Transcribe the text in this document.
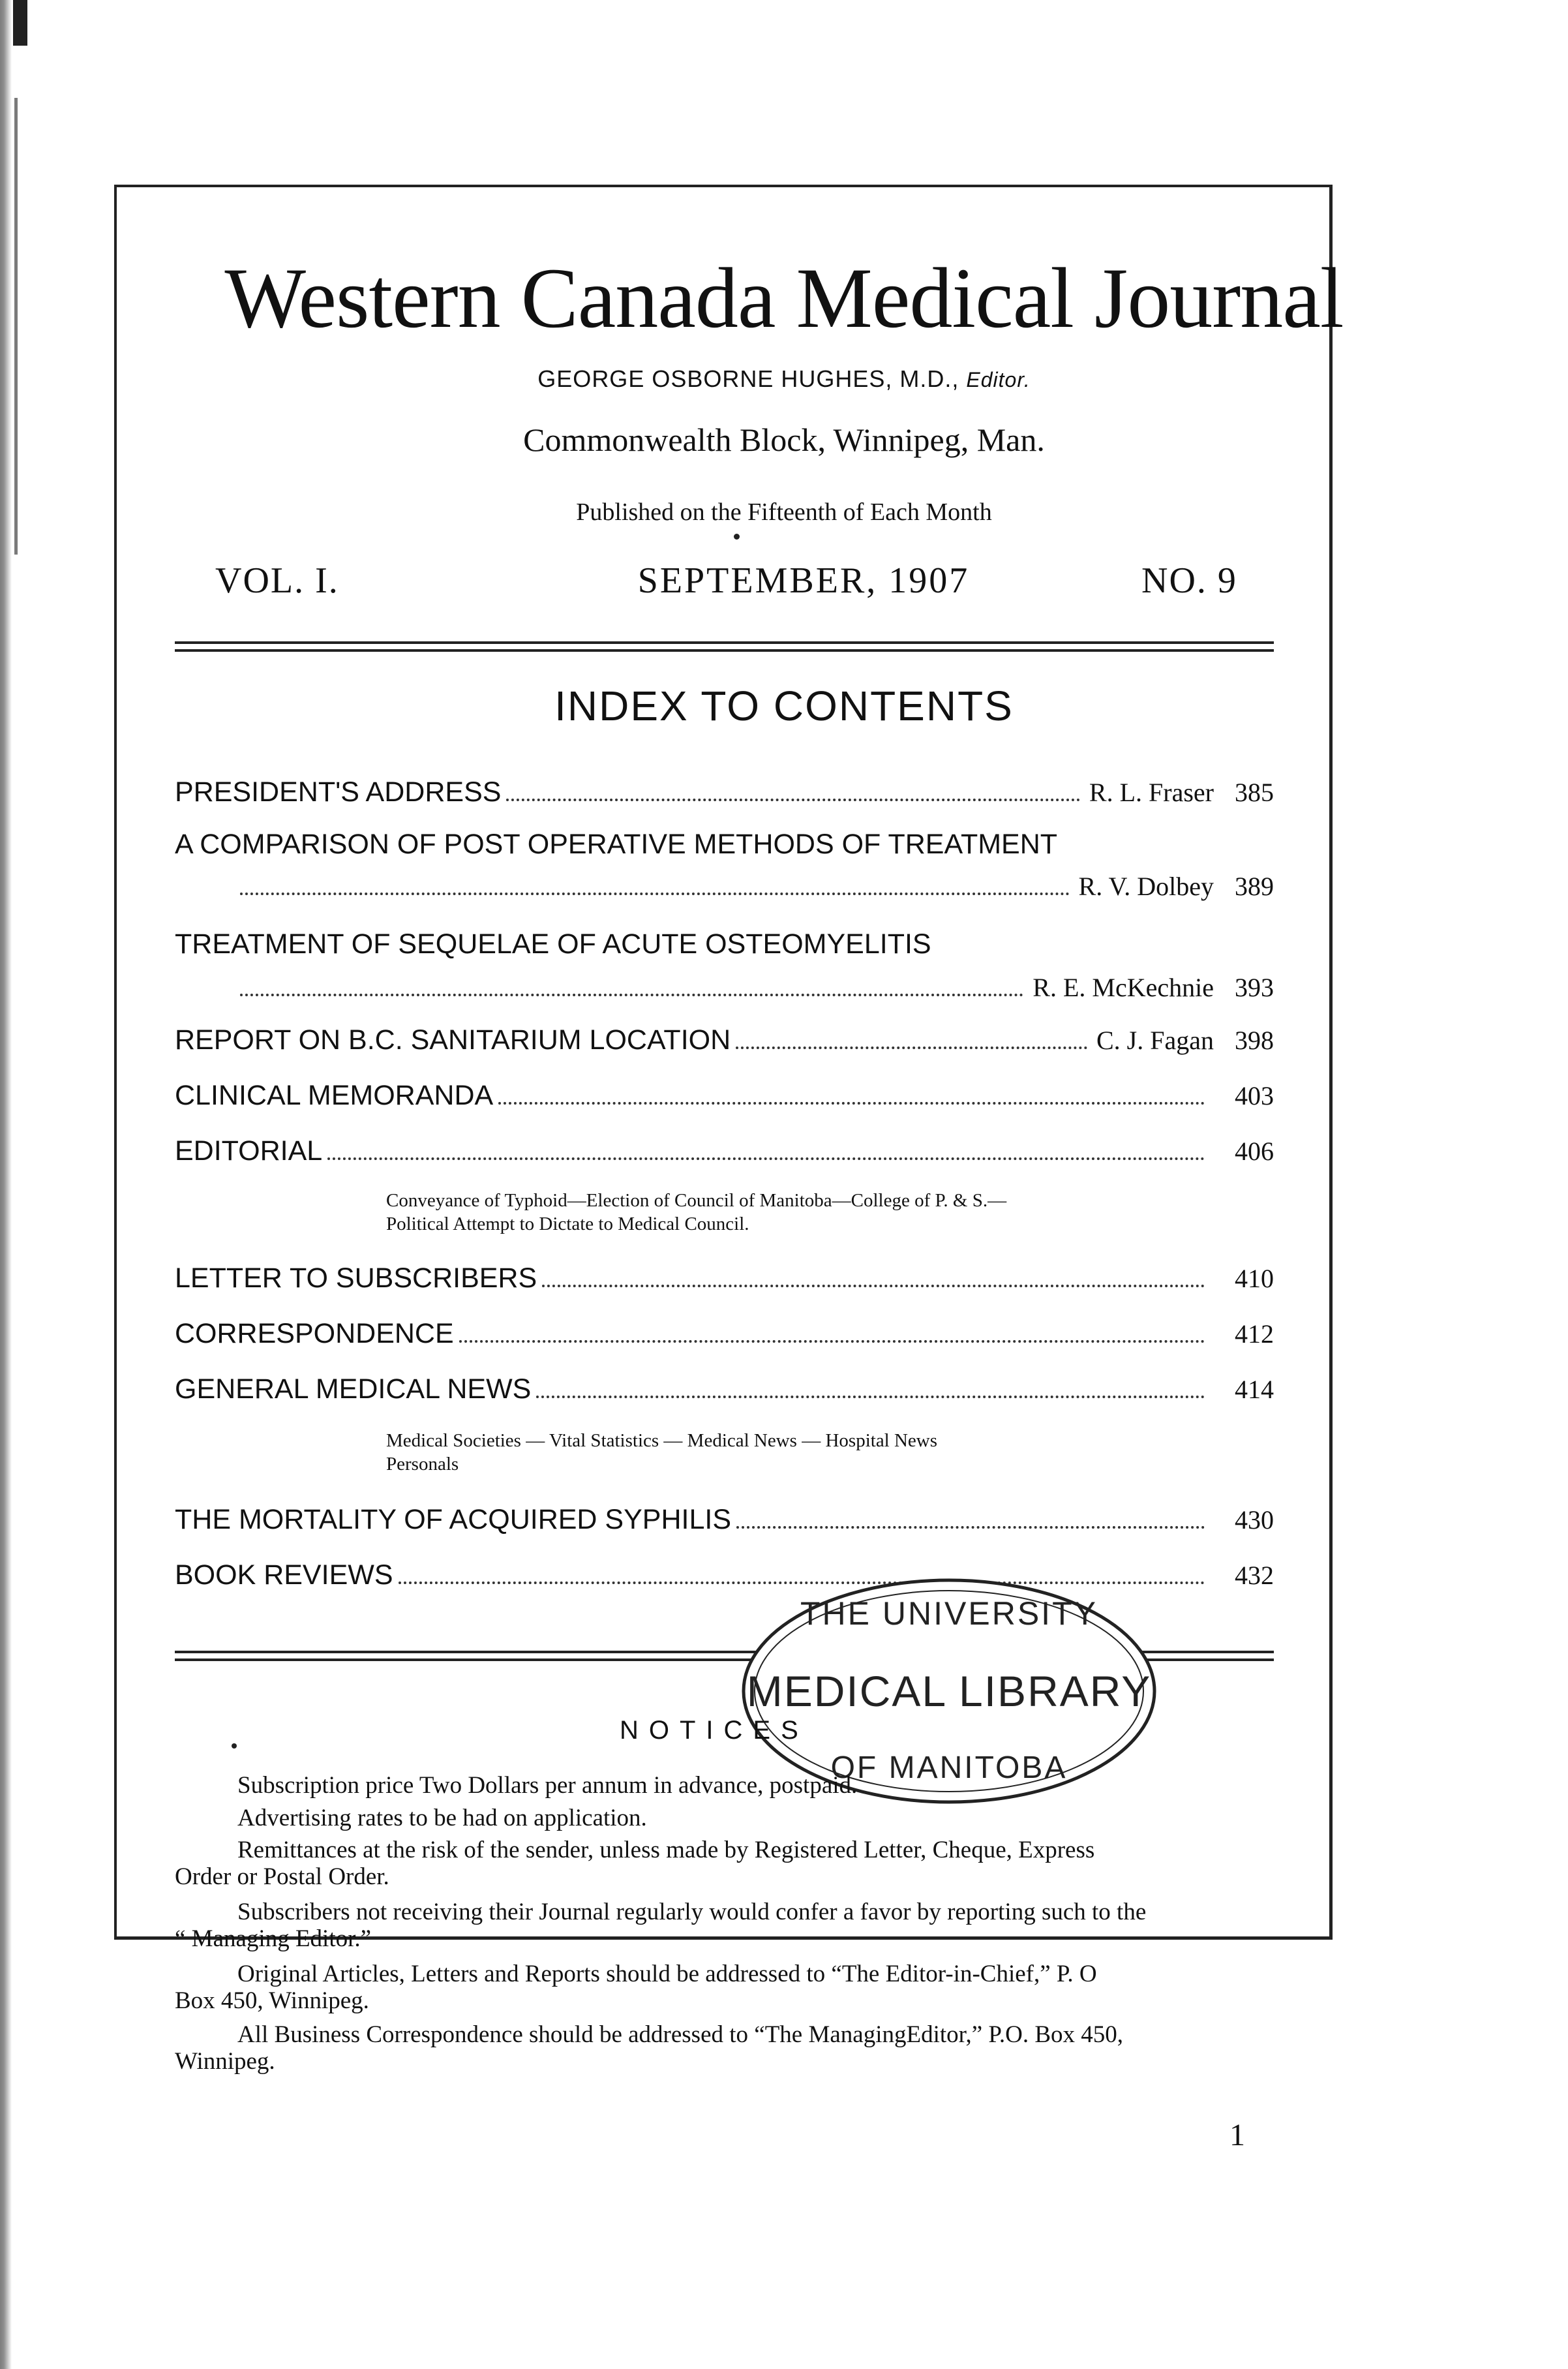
Western Canada Medical Journal
GEORGE OSBORNE HUGHES, M.D., Editor.
Commonwealth Block, Winnipeg, Man.
Published on the Fifteenth of Each Month
VOL. I.	SEPTEMBER, 1907	NO. 9
INDEX TO CONTENTS
PRESIDENT'S ADDRESS	R. L. Fraser 385
A COMPARISON OF POST OPERATIVE METHODS OF TREATMENT
R. V. Dolbey 389
TREATMENT OF SEQUELAE OF ACUTE OSTEOMYELITIS
R. E. McKechnie 393
REPORT ON B.C. SANITARIUM LOCATION	C. J. Fagan 398
CLINICAL MEMORANDA	403
EDITORIAL	406
Conveyance of Typhoid—Election of Council of Manitoba—College of P. & S.—
Political Attempt to Dictate to Medical Council.
LETTER TO SUBSCRIBERS	410
CORRESPONDENCE	412
GENERAL MEDICAL NEWS	414
Medical Societies — Vital Statistics — Medical News — Hospital News
Personals
THE MORTALITY OF ACQUIRED SYPHILIS	430
BOOK REVIEWS	432
THE UNIVERSITY
MEDICAL LIBRARY
OF MANITOBA
NOTICES
Subscription price Two Dollars per annum in advance, postpaid.
Advertising rates to be had on application.
Remittances at the risk of the sender, unless made by Registered Letter, Cheque, Express
Order or Postal Order.
Subscribers not receiving their Journal regularly would confer a favor by reporting such to the
“ Managing Editor.”
Original Articles, Letters and Reports should be addressed to “The Editor-in-Chief,” P. O
Box 450, Winnipeg.
All Business Correspondence should be addressed to “The ManagingEditor,” P.O. Box 450,
Winnipeg.
1
